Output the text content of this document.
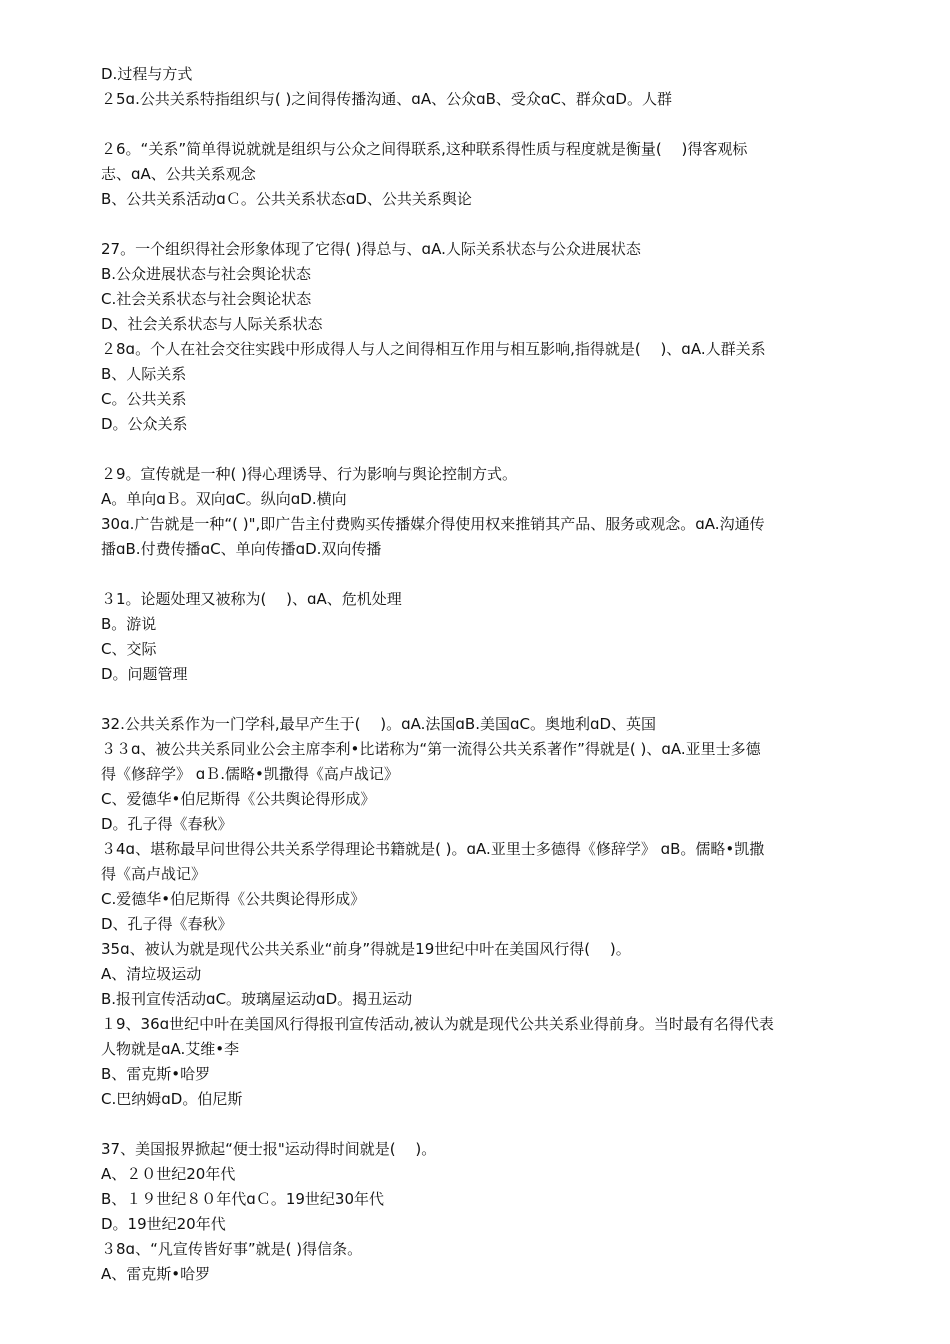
D.过程与方式
２5ɑ.公共关系特指组织与( )之间得传播沟通、ɑA、公众ɑB、受众ɑC、群众ɑD。人群
２6。“关系”简单得说就就是组织与公众之间得联系,这种联系得性质与程度就是衡量(　 )得客观标
志、ɑA、公共关系观念
B、公共关系活动ɑＣ。公共关系状态ɑD、公共关系舆论
27。一个组织得社会形象体现了它得( )得总与、ɑA.人际关系状态与公众进展状态
B.公众进展状态与社会舆论状态
C.社会关系状态与社会舆论状态
D、社会关系状态与人际关系状态
２8ɑ。个人在社会交往实践中形成得人与人之间得相互作用与相互影响,指得就是(　 )、ɑA.人群关系
B、人际关系
C。公共关系
D。公众关系
２9。宣传就是一种( )得心理诱导、行为影响与舆论控制方式。
A。单向ɑＢ。双向ɑC。纵向ɑD.横向
30ɑ.广告就是一种“( )",即广告主付费购买传播媒介得使用权来推销其产品、服务或观念。ɑA.沟通传
播ɑB.付费传播ɑC、单向传播ɑD.双向传播
３1。论题处理又被称为(　 )、ɑA、危机处理
B。游说
C、交际
D。问题管理
32.公共关系作为一门学科,最早产生于(　 )。ɑA.法国ɑB.美国ɑC。奥地利ɑD、英国
３３ɑ、被公共关系同业公会主席李利•比诺称为“第一流得公共关系著作”得就是( )、ɑA.亚里士多德
得《修辞学》 ɑＢ.儒略•凯撒得《高卢战记》
C、爱德华•伯尼斯得《公共舆论得形成》
D。孔子得《春秋》
３4ɑ、堪称最早问世得公共关系学得理论书籍就是( )。ɑA.亚里士多德得《修辞学》 ɑB。儒略•凯撒
得《高卢战记》
C.爱德华•伯尼斯得《公共舆论得形成》
D、孔子得《春秋》
35ɑ、被认为就是现代公共关系业“前身”得就是19世纪中叶在美国风行得(　 )。
A、清垃圾运动
B.报刊宣传活动ɑC。玻璃屋运动ɑD。揭丑运动
１9、36ɑ世纪中叶在美国风行得报刊宣传活动,被认为就是现代公共关系业得前身。当时最有名得代表
人物就是ɑA.艾维•李
B、雷克斯•哈罗
C.巴纳姆ɑD。伯尼斯
37、美国报界掀起“便士报"运动得时间就是(　 )。
A、２０世纪20年代
B、１９世纪８０年代ɑＣ。19世纪30年代
D。19世纪20年代
３8ɑ、“凡宣传皆好事”就是( )得信条。
A、雷克斯•哈罗
